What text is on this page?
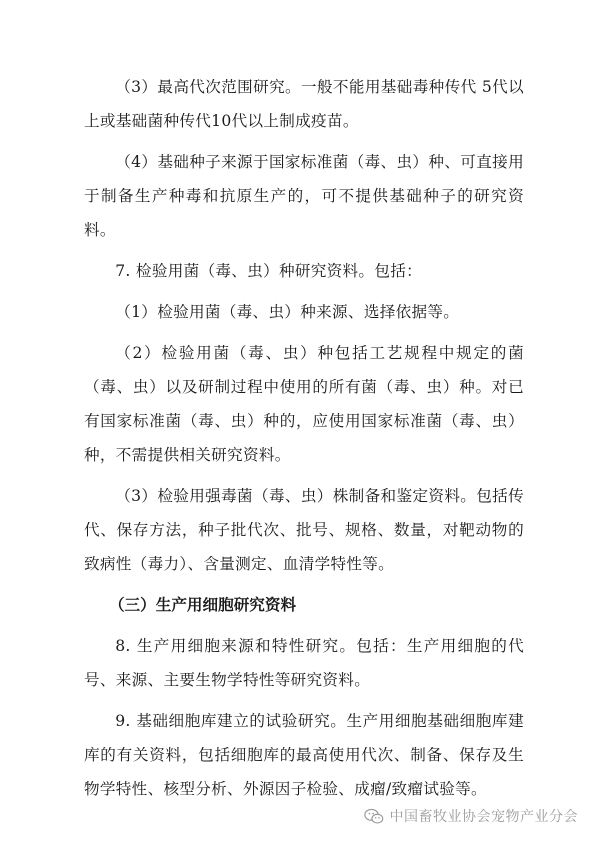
（3）最高代次范围研究。一般不能用基础毒种传代 5代以上或基础菌种传代10代以上制成疫苗。

（4）基础种子来源于国家标准菌（毒、虫）种、可直接用于制备生产种毒和抗原生产的，可不提供基础种子的研究资料。

7. 检验用菌（毒、虫）种研究资料。包括：

（1）检验用菌（毒、虫）种来源、选择依据等。

（2）检验用菌（毒、虫）种包括工艺规程中规定的菌（毒、虫）以及研制过程中使用的所有菌（毒、虫）种。对已有国家标准菌（毒、虫）种的，应使用国家标准菌（毒、虫）种，不需提供相关研究资料。

（3）检验用强毒菌（毒、虫）株制备和鉴定资料。包括传代、保存方法，种子批代次、批号、规格、数量，对靶动物的致病性（毒力）、含量测定、血清学特性等。

（三）生产用细胞研究资料

8. 生产用细胞来源和特性研究。包括：生产用细胞的代号、来源、主要生物学特性等研究资料。

9. 基础细胞库建立的试验研究。生产用细胞基础细胞库建库的有关资料，包括细胞库的最高使用代次、制备、保存及生物学特性、核型分析、外源因子检验、成瘤/致瘤试验等。

中国畜牧业协会宠物产业分会
